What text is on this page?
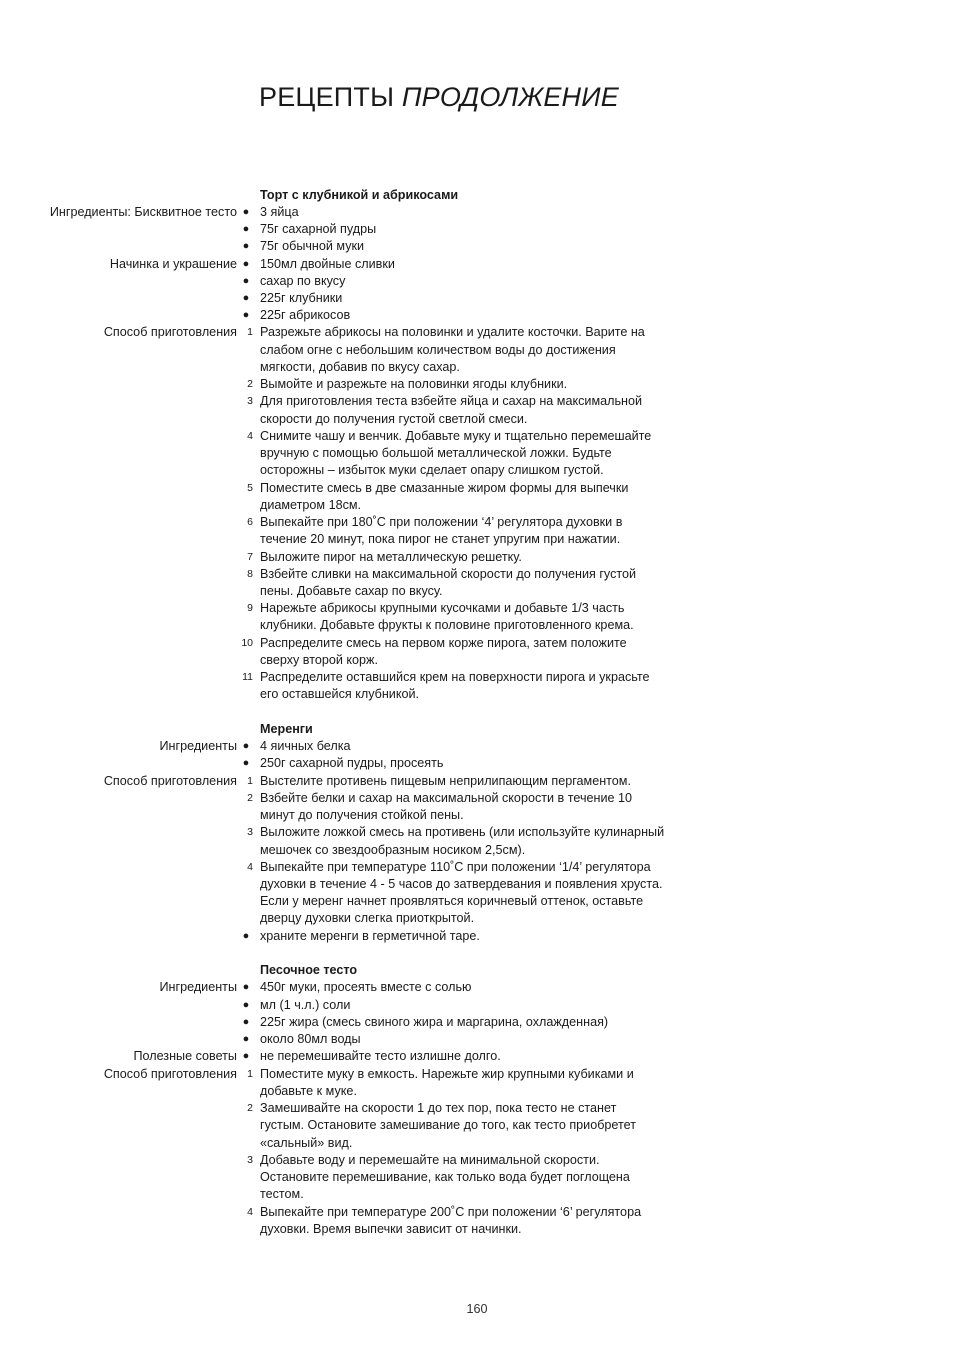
РЕЦЕПТЫ ПРОДОЛЖЕНИЕ
Торт с клубникой и абрикосами
Ингредиенты: Бисквитное тесто ● 3 яйца
● 75г сахарной пудры
● 75г обычной муки
Начинка и украшение ● 150мл двойные сливки
● сахар по вкусу
● 225г клубники
● 225г абрикосов
Способ приготовления 1 Разрежьте абрикосы на половинки и удалите косточки. Варите на
слабом огне с небольшим количеством воды до достижения
мягкости, добавив по вкусу сахар.
2 Вымойте и разрежьте на половинки ягоды клубники.
3 Для приготовления теста взбейте яйца и сахар на максимальной
скорости до получения густой светлой смеси.
4 Снимите чашу и венчик. Добавьте муку и тщательно перемешайте
вручную с помощью большой металлической ложки. Будьте
осторожны – избыток муки сделает опару слишком густой.
5 Поместите смесь в две смазанные жиром формы для выпечки
диаметром 18см.
6 Выпекайте при 180˚С при положении ‘4’ регулятора духовки в
течение 20 минут, пока пирог не станет упругим при нажатии.
7 Выложите пирог на металлическую решетку.
8 Взбейте сливки на максимальной скорости до получения густой
пены. Добавьте сахар по вкусу.
9 Нарежьте абрикосы крупными кусочками и добавьте 1/3 часть
клубники. Добавьте фрукты к половине приготовленного крема.
10 Распределите смесь на первом корже пирога, затем положите
сверху второй корж.
11 Распределите оставшийся крем на поверхности пирога и украсьте
его оставшейся клубникой.
Меренги
Ингредиенты ● 4 яичных белка
● 250г сахарной пудры, просеять
Способ приготовления 1 Выстелите противень пищевым неприлипающим пергаментом.
2 Взбейте белки и сахар на максимальной скорости в течение 10
минут до получения стойкой пены.
3 Выложите ложкой смесь на противень (или используйте кулинарный
мешочек со звездообразным носиком 2,5см).
4 Выпекайте при температуре 110˚С при положении ‘1/4’ регулятора
духовки в течение 4 - 5 часов до затвердевания и появления хруста.
Если у меренг начнет проявляться коричневый оттенок, оставьте
дверцу духовки слегка приоткрытой.
● храните меренги в герметичной таре.
Песочное тесто
Ингредиенты ● 450г муки, просеять вместе с солью
● мл (1 ч.л.) соли
● 225г жира (смесь свиного жира и маргарина, охлажденная)
● около 80мл воды
Полезные советы ● не перемешивайте тесто излишне долго.
Способ приготовления 1 Поместите муку в емкость. Нарежьте жир крупными кубиками и
добавьте к муке.
2 Замешивайте на скорости 1 до тех пор, пока тесто не станет
густым. Остановите замешивание до того, как тесто приобретет
«сальный» вид.
3 Добавьте воду и перемешайте на минимальной скорости.
Остановите перемешивание, как только вода будет поглощена
тестом.
4 Выпекайте при температуре 200˚С при положении ‘6’ регулятора
духовки. Время выпечки зависит от начинки.
160
